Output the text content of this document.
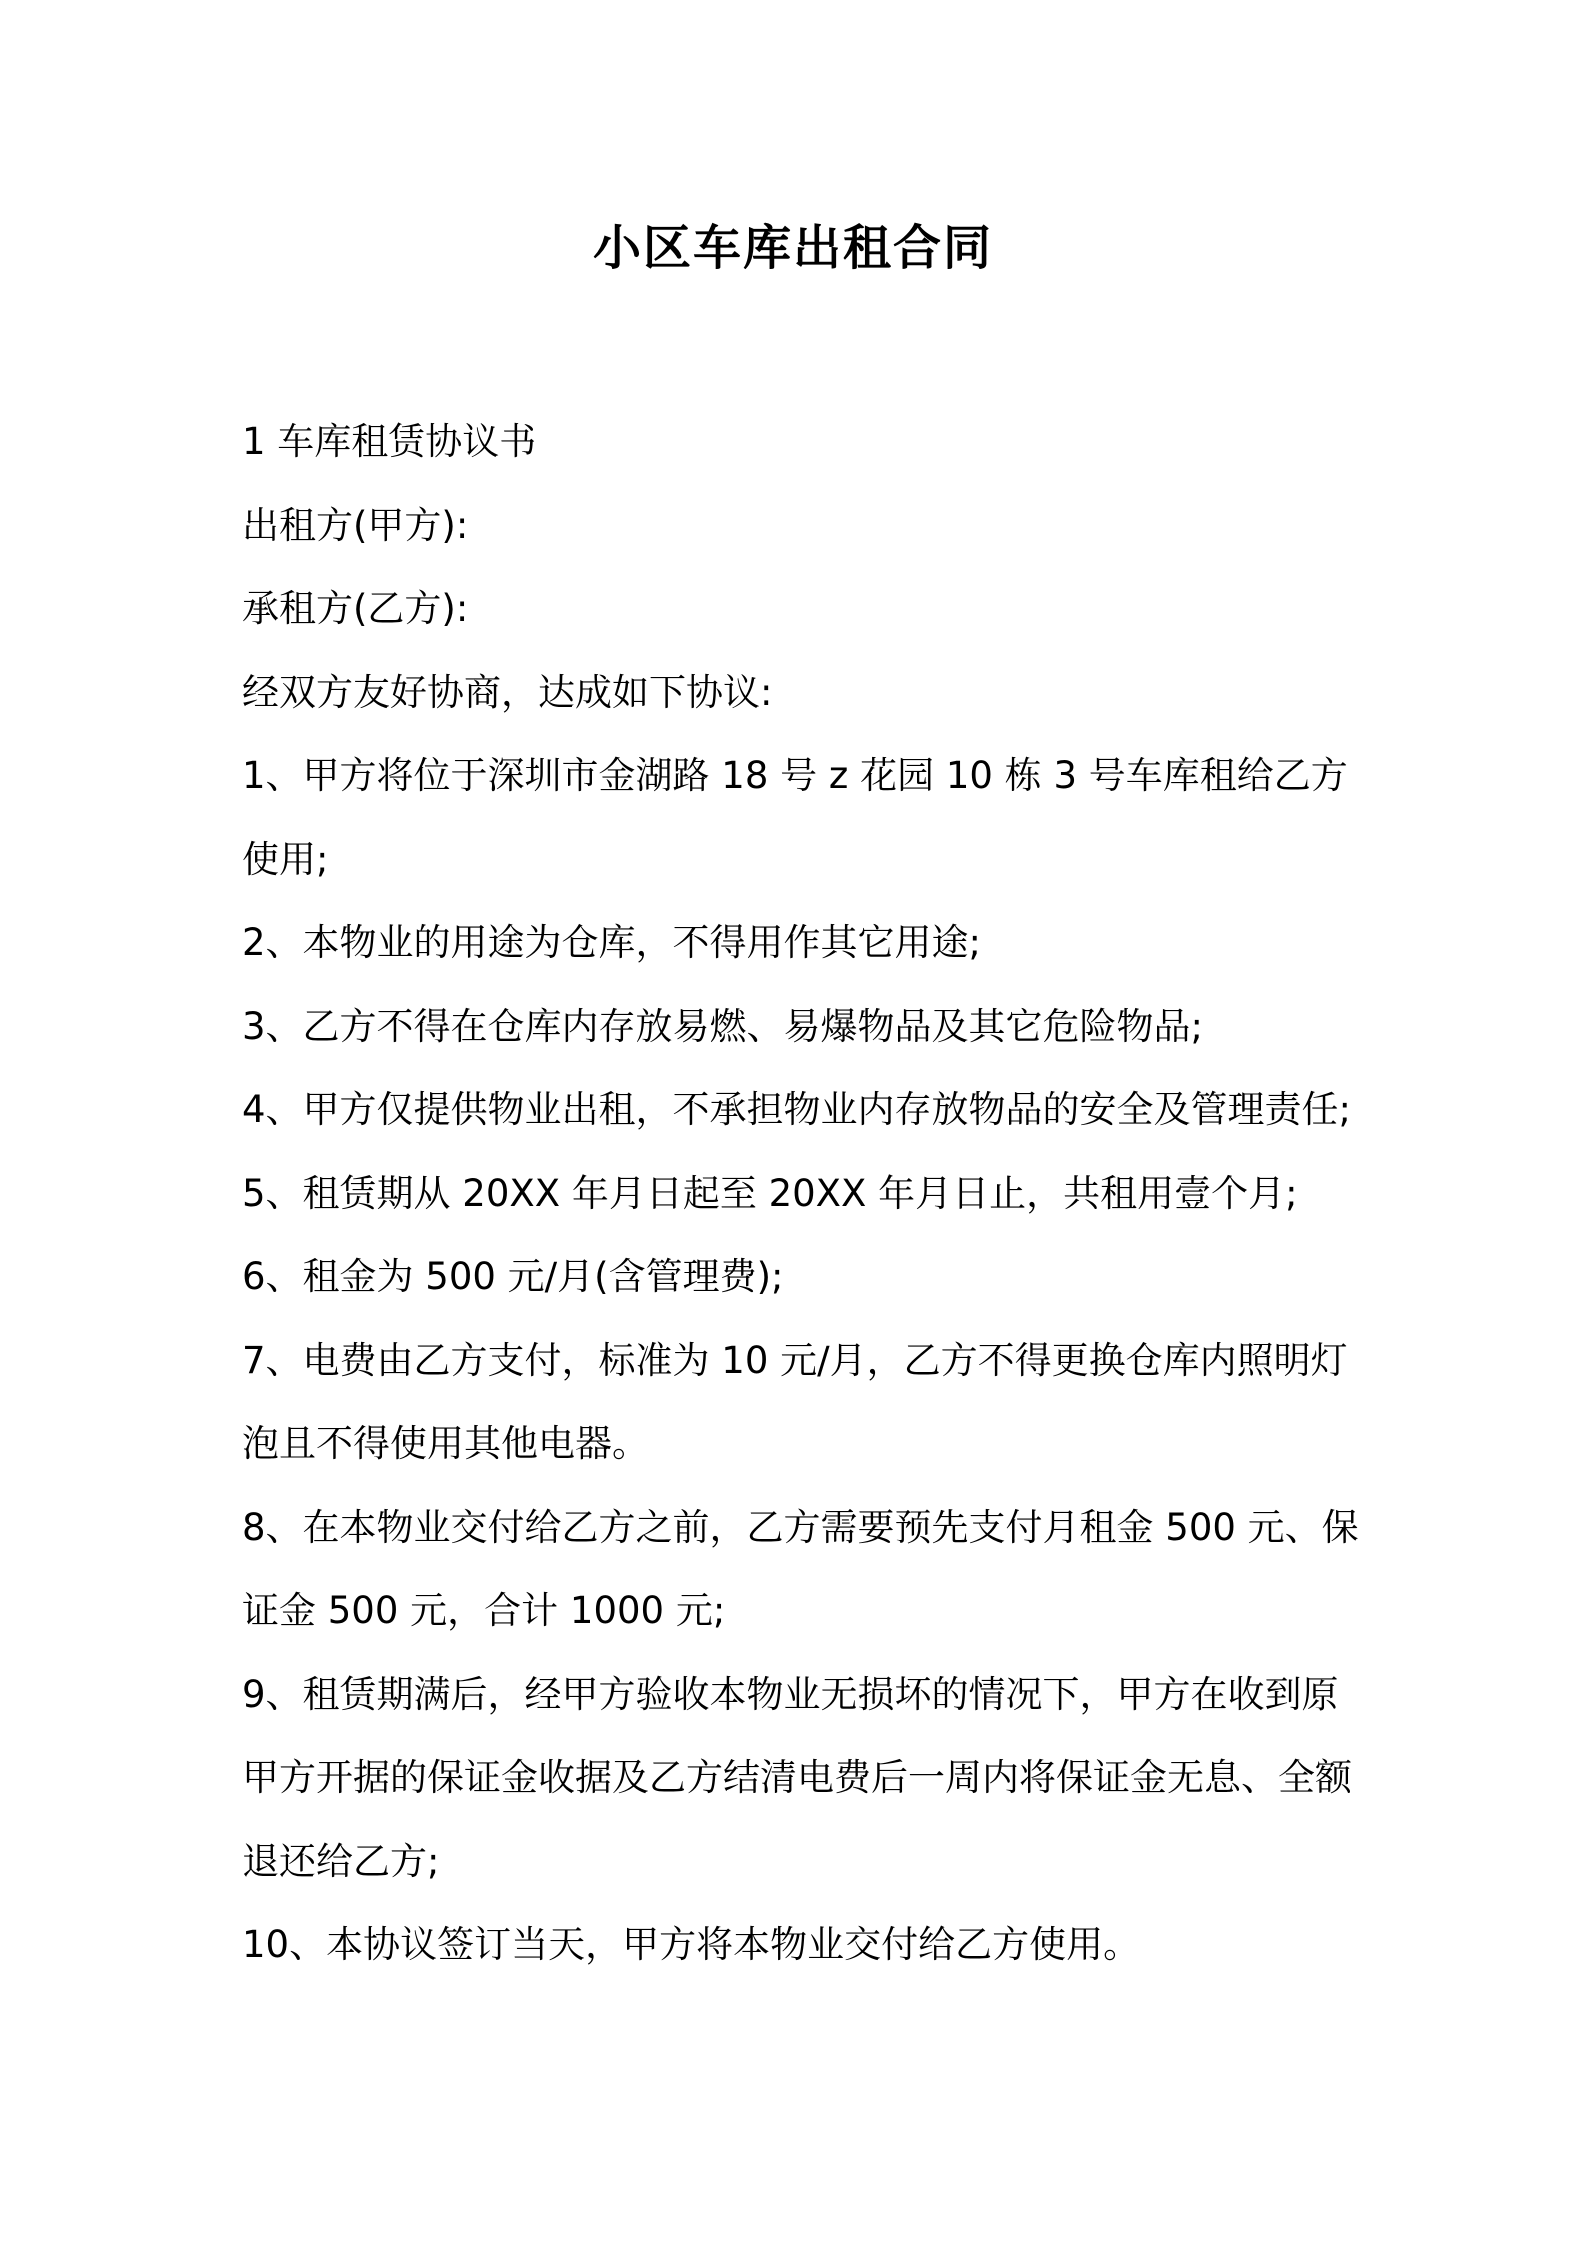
小区车库出租合同

1 车库租赁协议书

出租方(甲方):

承租方(乙方):

经双方友好协商，达成如下协议:

1、甲方将位于深圳市金湖路 18 号 z 花园 10 栋 3 号车库租给乙方使用;

2、本物业的用途为仓库，不得用作其它用途;

3、乙方不得在仓库内存放易燃、易爆物品及其它危险物品;

4、甲方仅提供物业出租，不承担物业内存放物品的安全及管理责任;

5、租赁期从 20XX 年月日起至 20XX 年月日止，共租用壹个月;

6、租金为 500 元/月(含管理费);

7、电费由乙方支付，标准为 10 元/月，乙方不得更换仓库内照明灯泡且不得使用其他电器。

8、在本物业交付给乙方之前，乙方需要预先支付月租金 500 元、保证金 500 元，合计 1000 元;

9、租赁期满后，经甲方验收本物业无损坏的情况下，甲方在收到原甲方开据的保证金收据及乙方结清电费后一周内将保证金无息、全额退还给乙方;

10、本协议签订当天，甲方将本物业交付给乙方使用。
